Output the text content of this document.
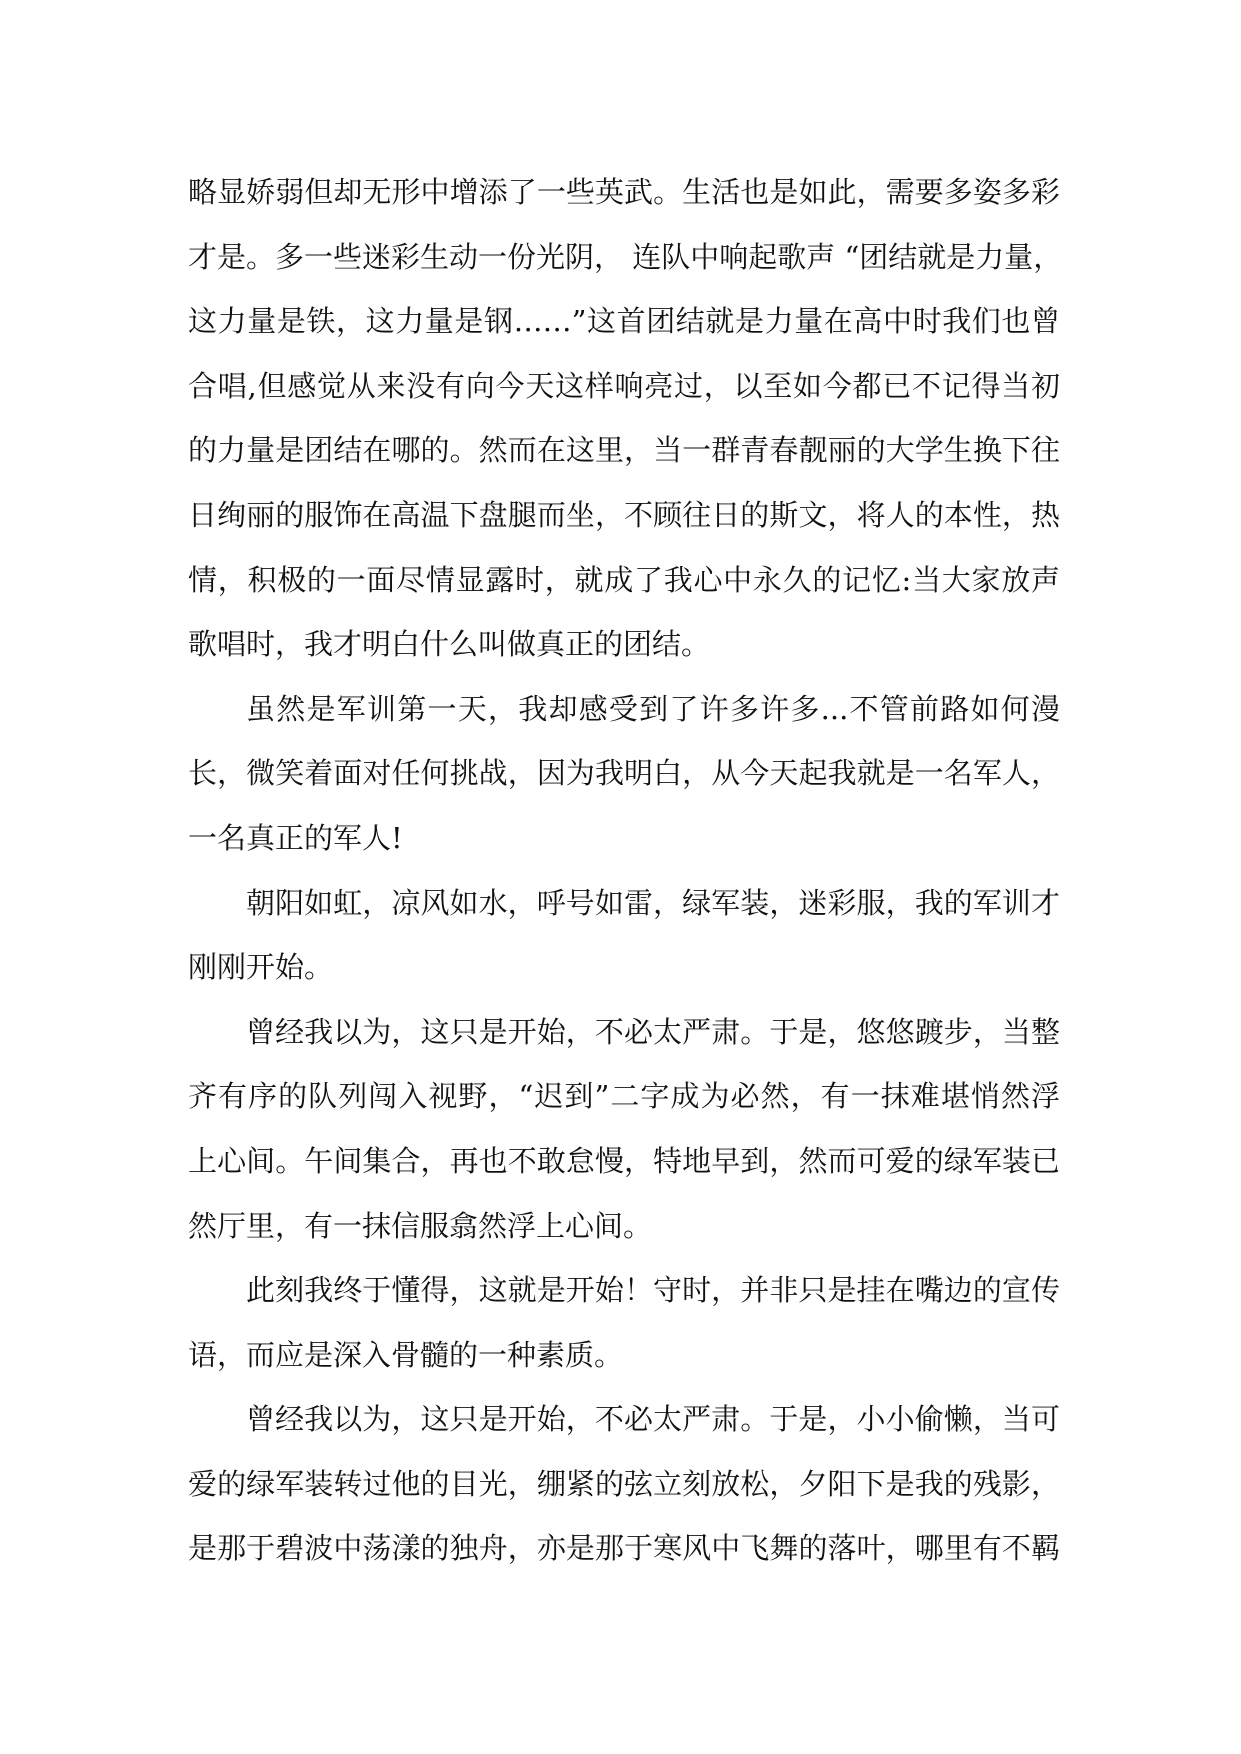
略显娇弱但却无形中增添了一些英武。生活也是如此，需要多姿多彩
才是。多一些迷彩生动一份光阴， 连队中响起歌声 “团结就是力量，
这力量是铁，这力量是钢……”这首团结就是力量在高中时我们也曾
合唱,但感觉从来没有向今天这样响亮过，以至如今都已不记得当初
的力量是团结在哪的。然而在这里，当一群青春靓丽的大学生换下往
日绚丽的服饰在高温下盘腿而坐，不顾往日的斯文，将人的本性，热
情，积极的一面尽情显露时，就成了我心中永久的记忆:当大家放声
歌唱时，我才明白什么叫做真正的团结。
虽然是军训第一天，我却感受到了许多许多...不管前路如何漫
长，微笑着面对任何挑战，因为我明白，从今天起我就是一名军人，
一名真正的军人!
朝阳如虹，凉风如水，呼号如雷，绿军装，迷彩服，我的军训才
刚刚开始。
曾经我以为，这只是开始，不必太严肃。于是，悠悠踱步，当整
齐有序的队列闯入视野，“迟到”二字成为必然，有一抹难堪悄然浮
上心间。午间集合，再也不敢怠慢，特地早到，然而可爱的绿军装已
然厅里，有一抹信服翕然浮上心间。
此刻我终于懂得，这就是开始！守时，并非只是挂在嘴边的宣传
语，而应是深入骨髓的一种素质。
曾经我以为，这只是开始，不必太严肃。于是，小小偷懒，当可
爱的绿军装转过他的目光，绷紧的弦立刻放松，夕阳下是我的残影，
是那于碧波中荡漾的独舟，亦是那于寒风中飞舞的落叶，哪里有不羁
